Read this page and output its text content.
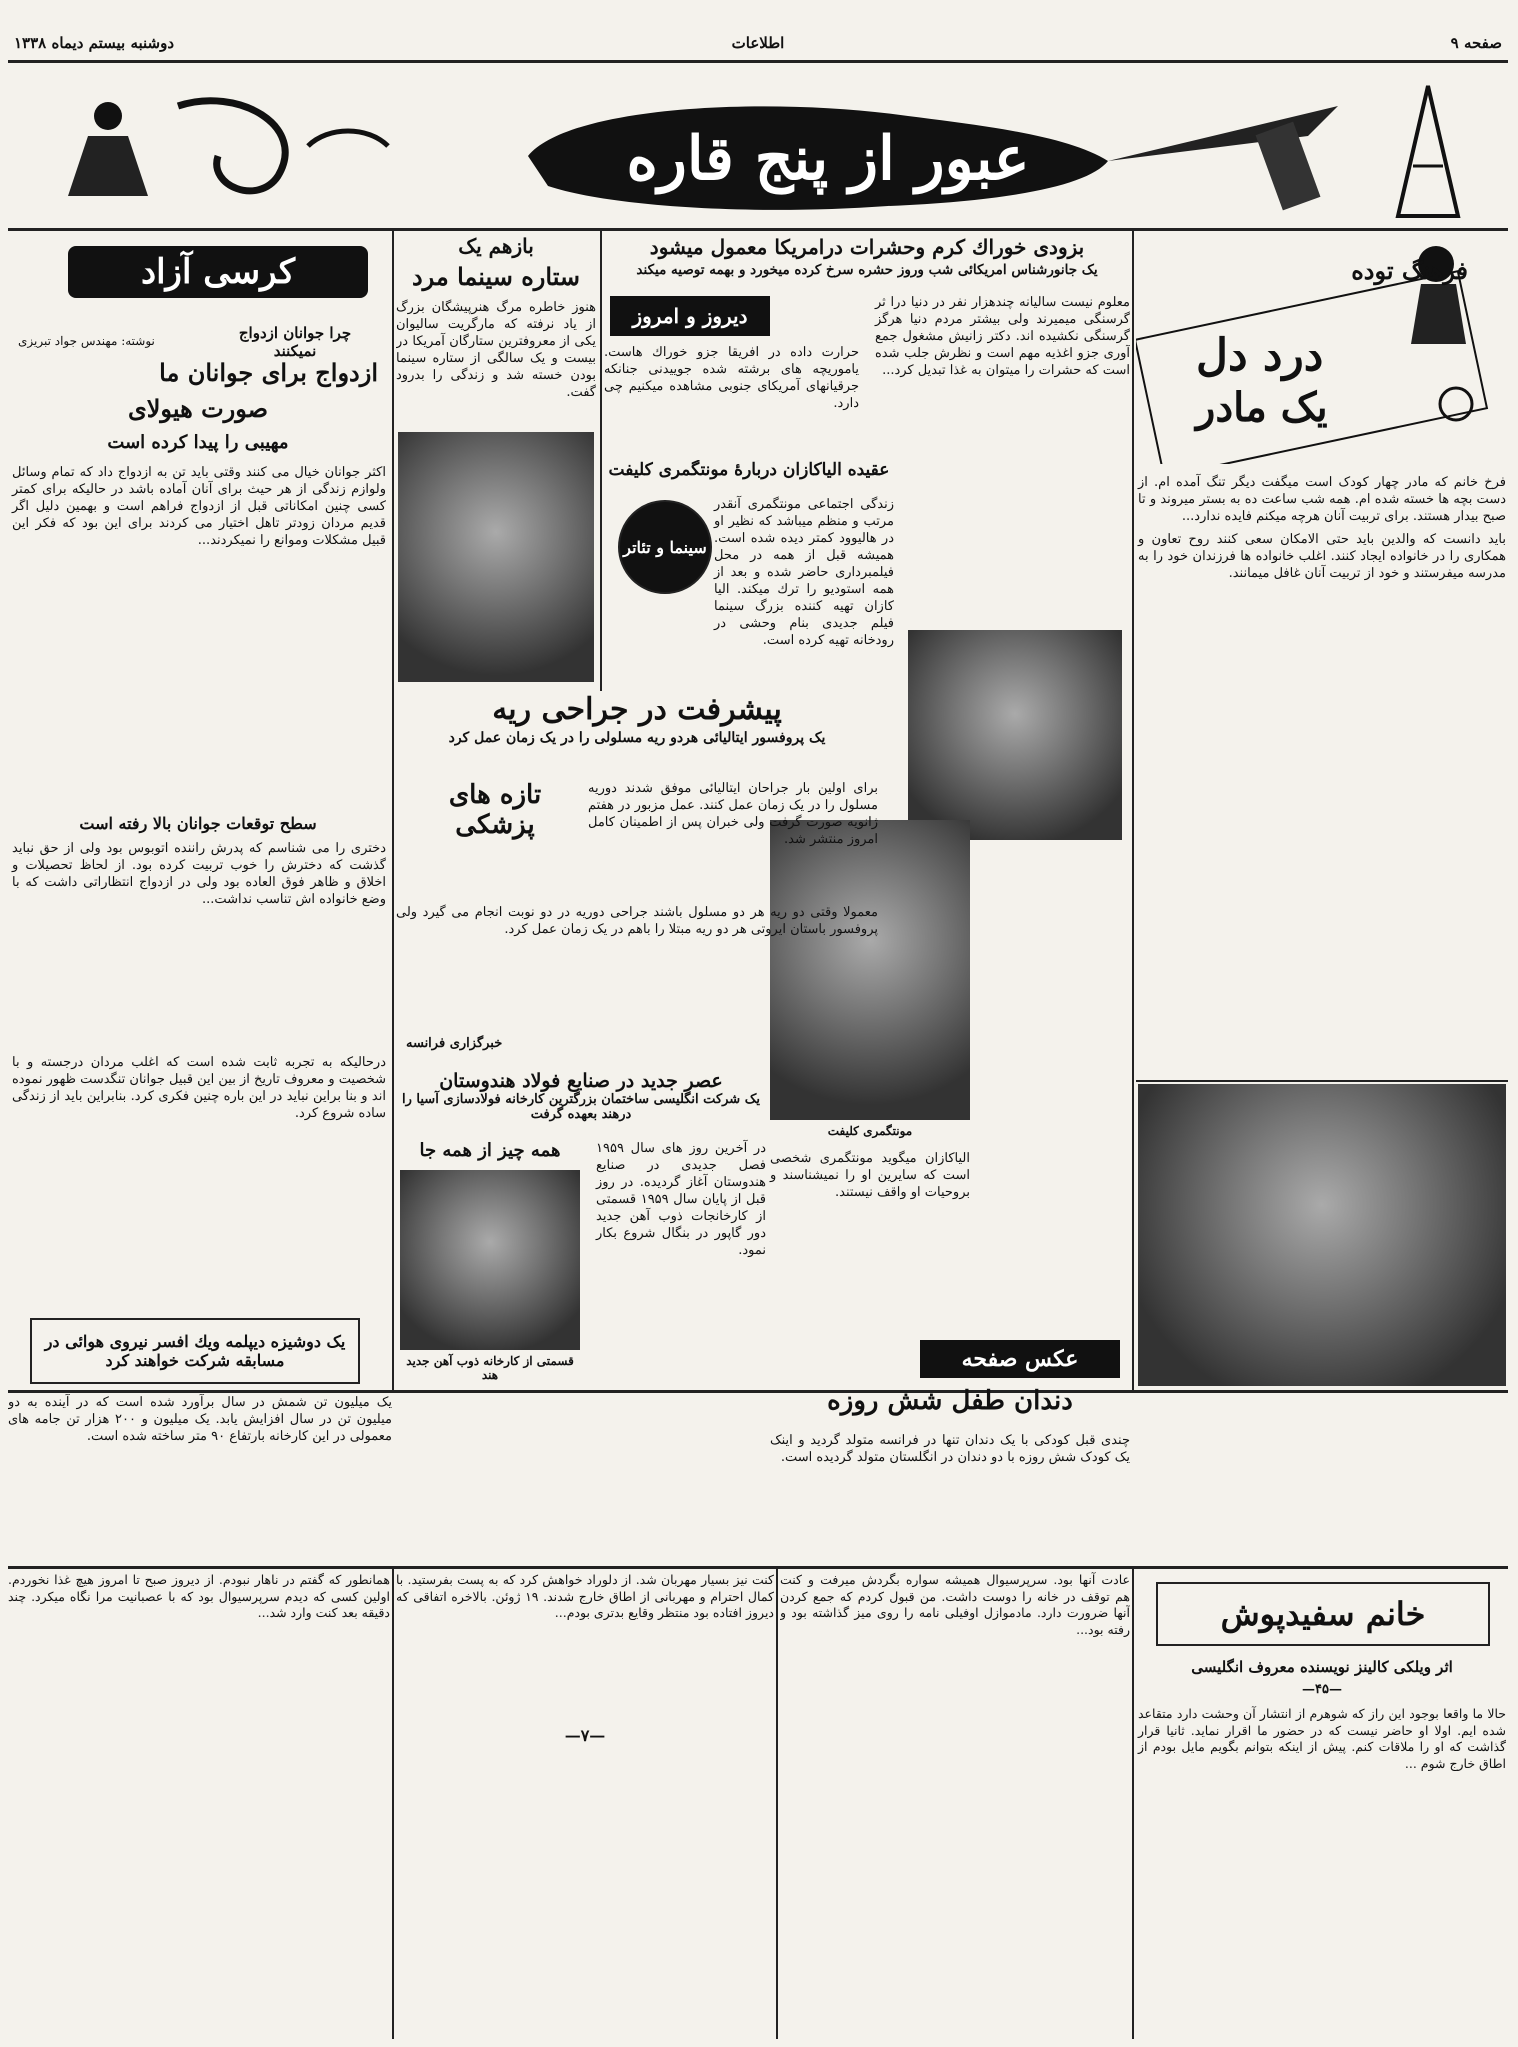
صفحه ۹
اطلاعات
دوشنبه بیستم دیماه ۱۳۳۸
عبور از پنج قاره
فرهنگ توده
درد دل
یک مادر

فرخ خانم که مادر چهار کودک است میگفت دیگر تنگ آمده ام. از دست بچه ها خسته شده ام. همه شب ساعت ده به بستر میروند و تا صبح بیدار هستند. برای تربیت آنان هرچه میکنم فایده ندارد...

باید دانست که والدین باید حتی الامکان سعی کنند روح تعاون و همکاری را در خانواده ایجاد کنند. اغلب خانواده ها فرزندان خود را به مدرسه میفرستند و خود از تربیت آنان غافل میمانند.

بزودی خوراك کرم وحشرات درامریکا معمول میشود
یک جانورشناس امریکائی شب وروز حشره سرخ کرده میخورد و بهمه توصیه میکند
معلوم نیست سالیانه چندهزار نفر در دنیا درا ثر گرسنگی میمیرند ولی بیشتر مردم دنیا هرگز گرسنگی نکشیده اند. دکتر زانیش مشغول جمع آوری جزو اغذیه مهم است و نظرش جلب شده است که حشرات را میتوان به غذا تبدیل کرد...
دیروز و امروز
حرارت داده در افریقا جزو خوراك هاست. یاموریچه های برشته شده جوییدنی جنانکه جرقیانهای آمریکای جنوبی مشاهده میکنیم چی دارد.
عقیده الیاکازان دربارهٔ مونتگمری کلیفت
سینما و تئاتر
زندگی اجتماعی مونتگمری آنقدر مرتب و منظم میباشد که نظیر او در هالیوود کمتر دیده شده است. همیشه قبل از همه در محل فیلمبرداری حاضر شده و بعد از همه استودیو را ترك میکند. الیا کازان تهیه کننده بزرگ سینما فیلم جدیدی بنام وحشی در رودخانه تهیه کرده است.
مونتگمری کلیفت
الیاکازان میگوید مونتگمری شخصی است که سایرین او را نمیشناسند و بروحیات او واقف نیستند.
بازهم یک
ستاره سینما مرد
هنوز خاطره مرگ هنرپیشگان بزرگ از یاد نرفته که مارگریت سالیوان یکی از معروفترین ستارگان آمریکا در بیست و یک سالگی از ستاره سینما بودن خسته شد و زندگی را بدرود گفت.
پیشرفت در جراحی ریه
یک پروفسور ایتالیائی هردو ریه مسلولی را در یک زمان عمل کرد
تازه های پزشکی
برای اولین بار جراحان ایتالیائی موفق شدند دوریه مسلول را در یک زمان عمل کنند. عمل مزبور در هفتم ژانویه صورت گرفت ولی خبران پس از اطمینان کامل امروز منتشر شد.
معمولا وقتی دو ریه هر دو مسلول باشند جراحی دوریه در دو نوبت انجام می گیرد ولی پروفسور باستان ایروتی هر دو ریه مبتلا را باهم در یک زمان عمل کرد.
خبرگزاری فرانسه
عصر جدید در صنایع فولاد هندوستان
یک شرکت انگلیسی ساختمان بزرگترین کارخانه فولادسازی آسیا را درهند بعهده گرفت
در آخرین روز های سال ۱۹۵۹ فصل جدیدی در صنایع هندوستان آغاز گردیده. در روز قبل از پایان سال ۱۹۵۹ قسمتی از کارخانجات ذوب آهن جدید دور گاپور در بنگال شروع بکار نمود.
همه چیز از همه جا
قسمتی از کارخانه ذوب آهن جدید هند
کرسی آزاد
چرا جوانان ازدواج نمیکنند
نوشته: مهندس جواد تبریزی
ازدواج برای جوانان ما
صورت هیولای
مهیبی را پیدا کرده است
اکثر جوانان خیال می کنند وقتی بايد تن به ازدواج داد که تمام وسائل ولوازم زندگی از هر حیث برای آنان آماده باشد در حالیکه برای کمتر کسی چنین امکاناتی قبل از ازدواج فراهم است و بهمین دلیل اگر قدیم مردان زودتر تاهل اختیار می کردند برای این بود که فکر این قبیل مشکلات وموانع را نمیکردند...
سطح توقعات جوانان بالا رفته است
دختری را می شناسم که پدرش راننده اتوبوس بود ولی از حق نباید گذشت که دخترش را خوب تربیت کرده بود. از لحاظ تحصیلات و اخلاق و ظاهر فوق العاده بود ولی در ازدواج انتظاراتی داشت که با وضع خانواده اش تناسب نداشت...
درحالیکه به تجربه ثابت شده است که اغلب مردان درجسته و با شخصیت و معروف تاریخ از بین این قبیل جوانان تنگدست ظهور نموده اند و بنا براین نباید در این باره چنین فکری کرد. بنابراین باید از زندگی ساده شروع کرد.
یک دوشیزه دیپلمه ویك افسر نیروی هوائی در مسابقه شرکت خواهند کرد
یک میلیون تن شمش در سال برآورد شده است که در آینده به دو میلیون تن در سال افزایش یابد. یک میلیون و ۲۰۰ هزار تن جامه های معمولی در این کارخانه بارتفاع ۹۰ متر ساخته شده است.
عکس صفحه
دندان طفل شش روزه
چندی قبل کودکی با یک دندان تنها در فرانسه متولد گردید و اینک یک کودک شش روزه با دو دندان در انگلستان متولد گردیده است.
خانم سفیدپوش
اثر ویلکی کالینز نویسنده معروف انگلیسی
—۴۵—
حالا ما واقعا بوجود این راز که شوهرم از انتشار آن وحشت دارد متقاعد شده ایم. اولا او حاضر نیست که در حضور ما اقرار نماید. ثانیا قرار گذاشت که او را ملاقات کنم. پیش از اینکه بتوانم بگویم مایل بودم از اطاق خارج شوم ...
عادت آنها بود. سرپرسیوال همیشه سواره بگردش میرفت و کنت هم توقف در خانه را دوست داشت. من قبول کردم که جمع کردن آنها ضرورت دارد. مادموازل اوفیلی نامه را روی میز گذاشته بود و رفته بود...
کنت نیز بسیار مهربان شد. از دلوراد خواهش کرد که به پست بفرستید. با کمال احترام و مهربانی از اطاق خارج شدند. ۱۹ ژوئن. بالاخره اتفاقی که دیروز افتاده بود منتظر وقایع بدتری بودم...
—۷—
همانطور که گفتم در ناهار نبودم. از دیروز صبح تا امروز هیچ غذا نخوردم. اولین کسی که دیدم سرپرسیوال بود که با عصبانیت مرا نگاه میکرد. چند دقیقه بعد کنت وارد شد...
